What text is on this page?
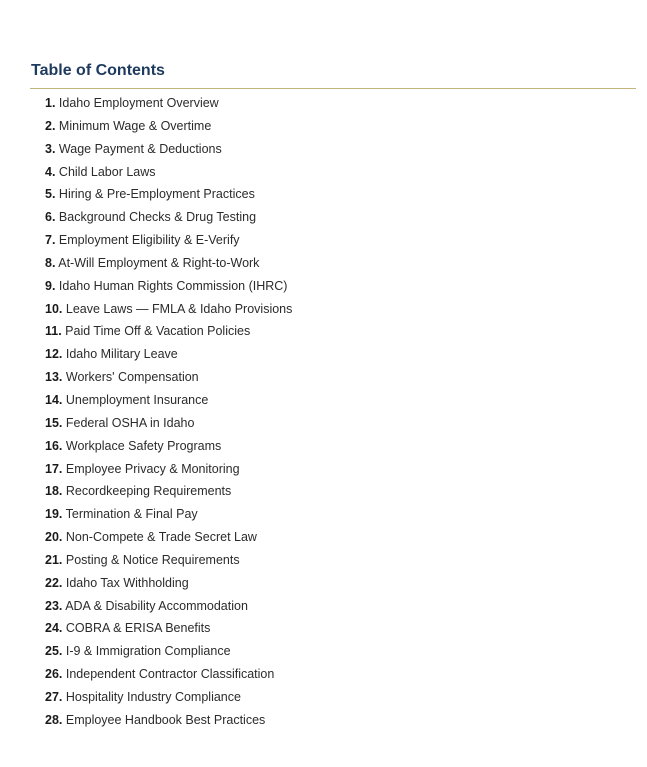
Table of Contents
1. Idaho Employment Overview
2. Minimum Wage & Overtime
3. Wage Payment & Deductions
4. Child Labor Laws
5. Hiring & Pre-Employment Practices
6. Background Checks & Drug Testing
7. Employment Eligibility & E-Verify
8. At-Will Employment & Right-to-Work
9. Idaho Human Rights Commission (IHRC)
10. Leave Laws — FMLA & Idaho Provisions
11. Paid Time Off & Vacation Policies
12. Idaho Military Leave
13. Workers' Compensation
14. Unemployment Insurance
15. Federal OSHA in Idaho
16. Workplace Safety Programs
17. Employee Privacy & Monitoring
18. Recordkeeping Requirements
19. Termination & Final Pay
20. Non-Compete & Trade Secret Law
21. Posting & Notice Requirements
22. Idaho Tax Withholding
23. ADA & Disability Accommodation
24. COBRA & ERISA Benefits
25. I-9 & Immigration Compliance
26. Independent Contractor Classification
27. Hospitality Industry Compliance
28. Employee Handbook Best Practices
